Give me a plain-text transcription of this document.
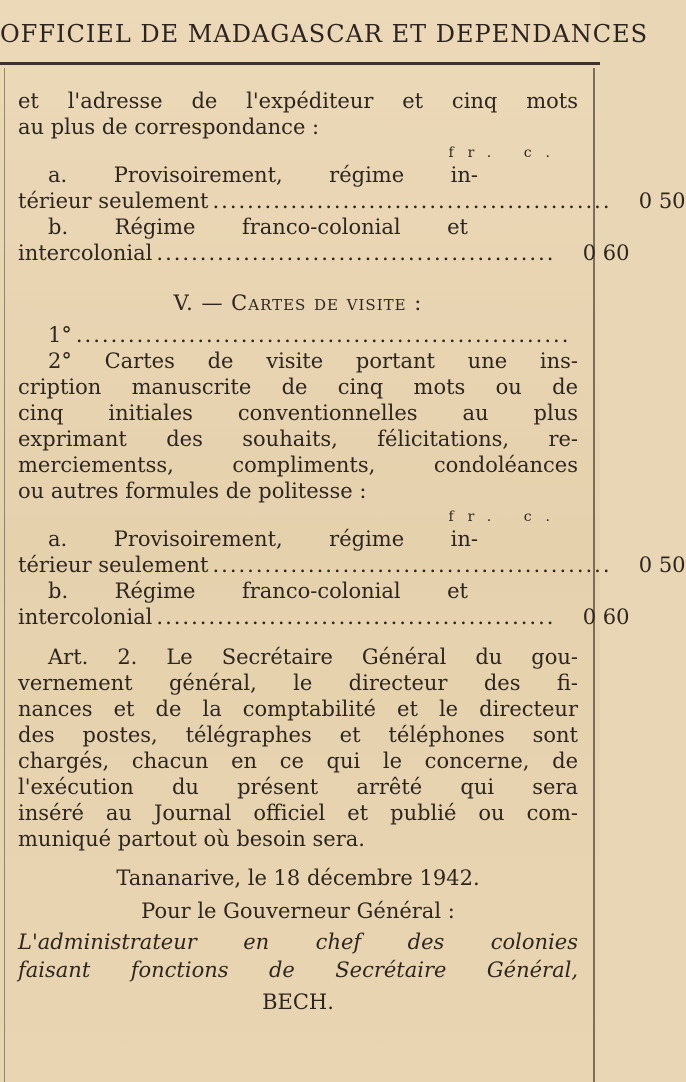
OFFICIEL DE MADAGASCAR ET DEPENDANCES
et l'adresse de l'expéditeur et cinq mots
au plus de correspondance :
fr. c.
a. Provisoirement, régime in-
térieur seulement ..............................................	0 50
b. Régime franco-colonial et
intercolonial ..............................................	0 60
V. — Cartes de visite :
1° .........................................................
2° Cartes de visite portant une ins-
cription manuscrite de cinq mots ou de
cinq initiales conventionnelles au plus
exprimant des souhaits, félicitations, re-
merciementss, compliments, condoléances
ou autres formules de politesse :
fr. c.
a. Provisoirement, régime in-
térieur seulement ..............................................	0 50
b. Régime franco-colonial et
intercolonial ..............................................	0 60
Art. 2. Le Secrétaire Général du gou-
vernement général, le directeur des fi-
nances et de la comptabilité et le directeur
des postes, télégraphes et téléphones sont
chargés, chacun en ce qui le concerne, de
l'exécution du présent arrêté qui sera
inséré au Journal officiel et publié ou com-
muniqué partout où besoin sera.
Tananarive, le 18 décembre 1942.
Pour le Gouverneur Général :
L'administrateur en chef des colonies
faisant fonctions de Secrétaire Général,
BECH.
